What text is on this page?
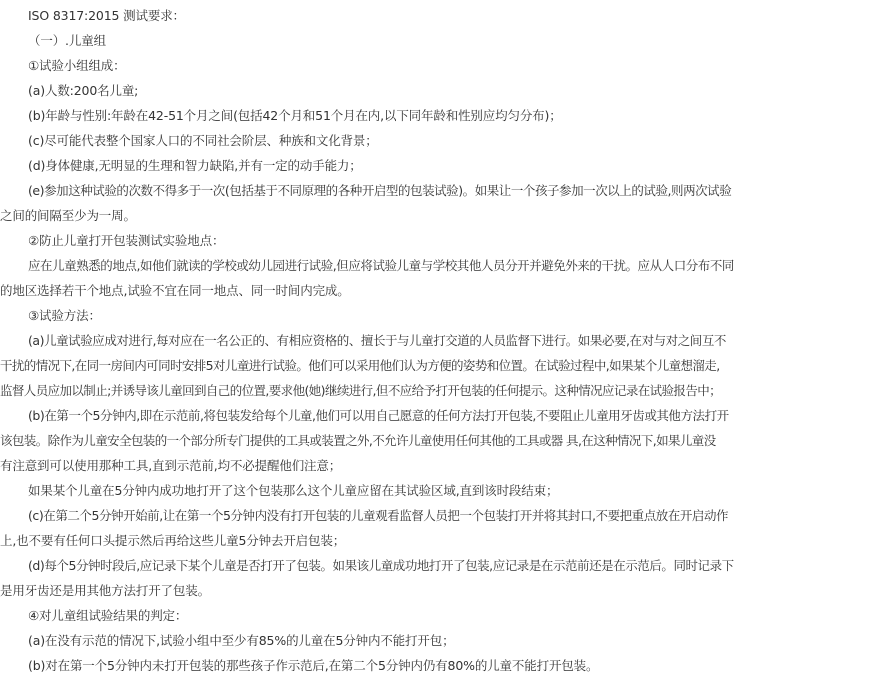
ISO 8317:2015 测试要求：
（一）.儿童组
①试验小组组成：
(a)人数:200名儿童;
(b)年龄与性别:年龄在42-51个月之间(包括42个月和51个月在内,以下同年龄和性别应均匀分布)；
(c)尽可能代表整个国家人口的不同社会阶层、种族和文化背景；
(d)身体健康,无明显的生理和智力缺陷,并有一定的动手能力；
(e)参加这种试验的次数不得多于一次(包括基于不同原理的各种开启型的包装试验)。如果让一个孩子参加一次以上的试验,则两次试验
之间的间隔至少为一周。
②防止儿童打开包装测试实验地点：
应在儿童熟悉的地点,如他们就读的学校或幼儿园进行试验,但应将试验儿童与学校其他人员分开并避免外来的干扰。应从人口分布不同
的地区选择若干个地点,试验不宜在同一地点、同一时间内完成。
③试验方法：
(a)儿童试验应成对进行,每对应在一名公正的、有相应资格的、擅长于与儿童打交道的人员监督下进行。如果必要,在对与对之间互不
干扰的情况下,在同一房间内可同时安排5对儿童进行试验。他们可以采用他们认为方便的姿势和位置。在试验过程中,如果某个儿童想溜走,
监督人员应加以制止;并诱导该儿童回到自己的位置,要求他(她)继续进行,但不应给予打开包装的任何提示。这种情况应记录在试验报告中；
(b)在第一个5分钟内,即在示范前,将包装发给每个儿童,他们可以用自己愿意的任何方法打开包装,不要阻止儿童用牙齿或其他方法打开
该包装。除作为儿童安全包装的一个部分所专门提供的工具或装置之外,不允许儿童使用任何其他的工具或器 具,在这种情况下,如果儿童没
有注意到可以使用那种工具,直到示范前,均不必提醒他们注意；
如果某个儿童在5分钟内成功地打开了这个包装那么这个儿童应留在其试验区域,直到该时段结束；
(c)在第二个5分钟开始前,让在第一个5分钟内没有打开包装的儿童观看监督人员把一个包装打开并将其封口,不要把重点放在开启动作
上,也不要有任何口头提示然后再给这些儿童5分钟去开启包装；
(d)每个5分钟时段后,应记录下某个儿童是否打开了包装。如果该儿童成功地打开了包装,应记录是在示范前还是在示范后。同时记录下
是用牙齿还是用其他方法打开了包装。
④对儿童组试验结果的判定：
(a)在没有示范的情况下,试验小组中至少有85%的儿童在5分钟内不能打开包；
(b)对在第一个5分钟内未打开包装的那些孩子作示范后,在第二个5分钟内仍有80%的儿童不能打开包装。
